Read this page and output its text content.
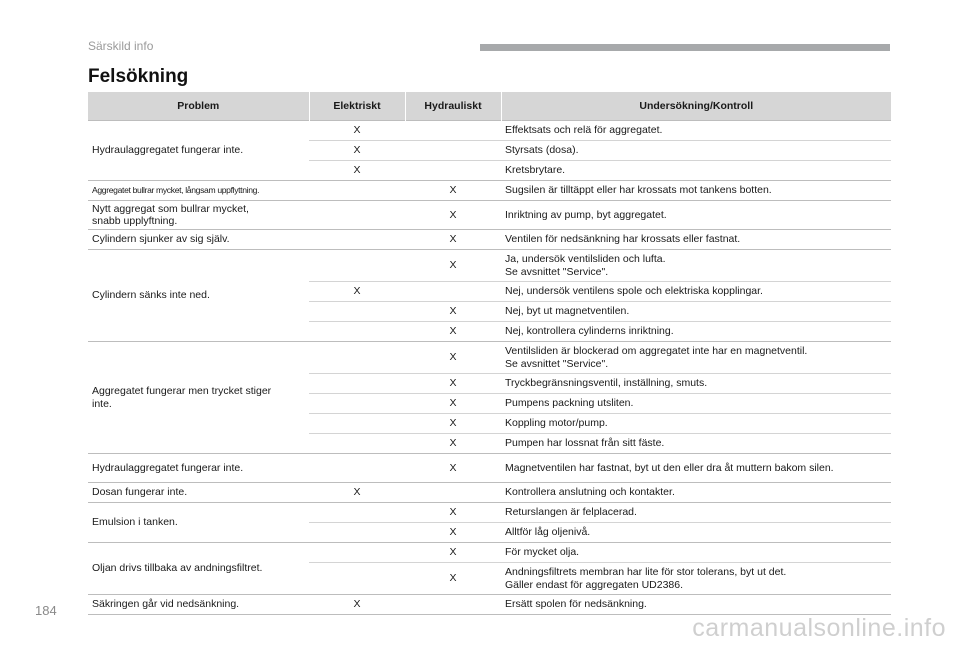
Särskild info
Felsökning
Problem	Elektriskt	Hydrauliskt	Undersökning/Kontroll
Hydraulaggregatet fungerar inte.	X		Effektsats och relä för aggregatet.
	X		Styrsats (dosa).
	X		Kretsbrytare.
Aggregatet bullrar mycket, långsam uppflyttning.		X	Sugsilen är tilltäppt eller har krossats mot tankens botten.
Nytt aggregat som bullrar mycket,
snabb upplyftning.		X	Inriktning av pump, byt aggregatet.
Cylindern sjunker av sig själv.		X	Ventilen för nedsänkning har krossats eller fastnat.
Cylindern sänks inte ned.		X	Ja, undersök ventilsliden och lufta.
Se avsnittet "Service".
	X		Nej, undersök ventilens spole och elektriska kopplingar.
		X	Nej, byt ut magnetventilen.
		X	Nej, kontrollera cylinderns inriktning.
Aggregatet fungerar men trycket stiger
inte.		X	Ventilsliden är blockerad om aggregatet inte har en magnetventil.
Se avsnittet "Service".
		X	Tryckbegränsningsventil, inställning, smuts.
		X	Pumpens packning utsliten.
		X	Koppling motor/pump.
		X	Pumpen har lossnat från sitt fäste.
Hydraulaggregatet fungerar inte.		X	Magnetventilen har fastnat, byt ut den eller dra åt muttern bakom silen.
Dosan fungerar inte.	X		Kontrollera anslutning och kontakter.
Emulsion i tanken.		X	Returslangen är felplacerad.
		X	Alltför låg oljenivå.
Oljan drivs tillbaka av andningsfiltret.		X	För mycket olja.
		X	Andningsfiltrets membran har lite för stor tolerans, byt ut det.
Gäller endast för aggregaten UD2386.
Säkringen går vid nedsänkning.	X		Ersätt spolen för nedsänkning.
184
carmanualsonline.info
